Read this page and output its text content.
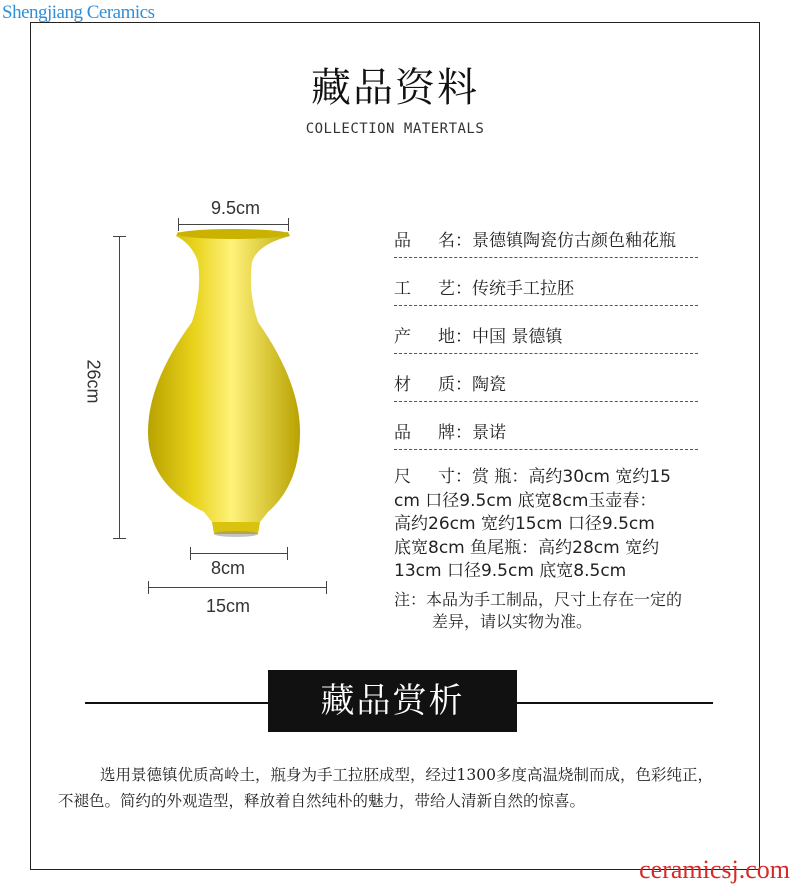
Shengjiang Ceramics
藏品资料
COLLECTION MATERTALS
9.5cm
26cm
8cm
15cm
品 名：景德镇陶瓷仿古颜色釉花瓶
工 艺：传统手工拉胚
产 地：中国 景德镇
材 质：陶瓷
品 牌：景诺
尺 寸：赏 瓶：高约30cm 宽约15
cm 口径9.5cm 底宽8cm玉壶春：
高约26cm 宽约15cm 口径9.5cm
底宽8cm 鱼尾瓶：高约28cm 宽约
13cm 口径9.5cm 底宽8.5cm
注：本品为手工制品，尺寸上存在一定的
差异，请以实物为准。
藏品赏析
选用景德镇优质高岭土，瓶身为手工拉胚成型，经过1300多度高温烧制而成，色彩纯正，不褪色。简约的外观造型，释放着自然纯朴的魅力，带给人清新自然的惊喜。
ceramicsj.com
